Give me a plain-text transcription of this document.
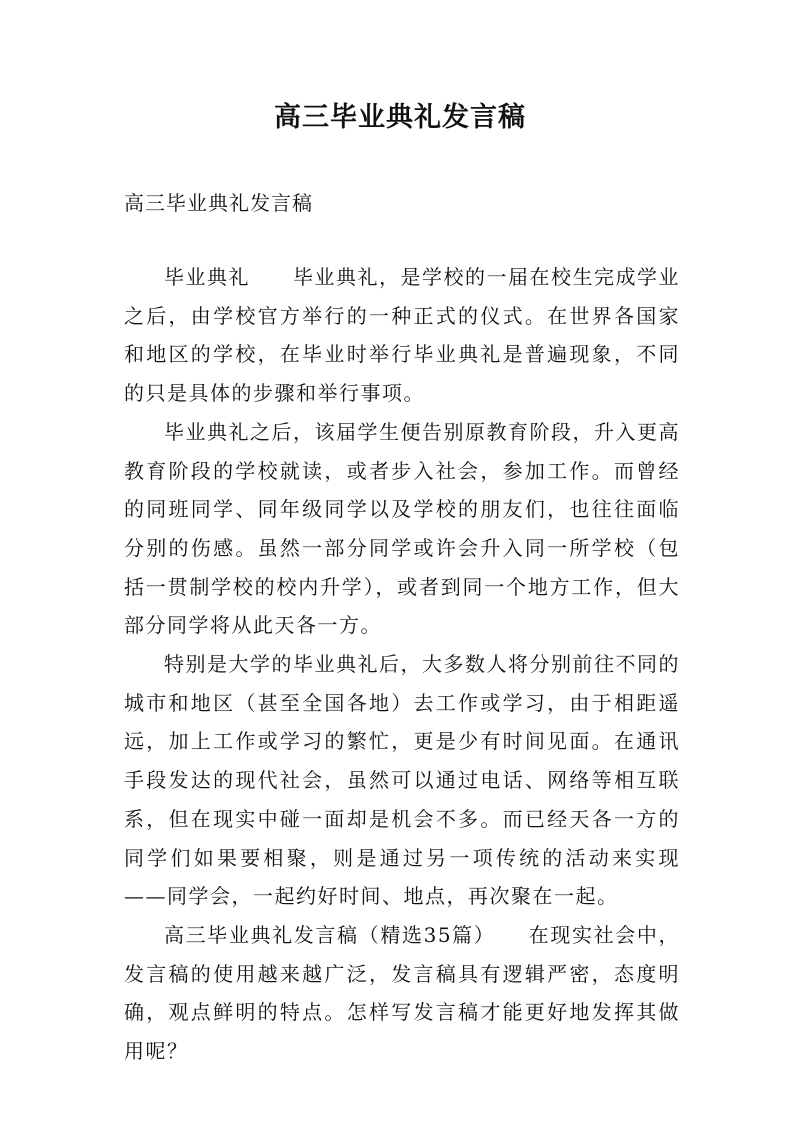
高三毕业典礼发言稿

高三毕业典礼发言稿

毕业典礼　　毕业典礼，是学校的一届在校生完成学业之后，由学校官方举行的一种正式的仪式。在世界各国家和地区的学校，在毕业时举行毕业典礼是普遍现象，不同的只是具体的步骤和举行事项。

毕业典礼之后，该届学生便告别原教育阶段，升入更高教育阶段的学校就读，或者步入社会，参加工作。而曾经的同班同学、同年级同学以及学校的朋友们，也往往面临分别的伤感。虽然一部分同学或许会升入同一所学校（包括一贯制学校的校内升学），或者到同一个地方工作，但大部分同学将从此天各一方。

特别是大学的毕业典礼后，大多数人将分别前往不同的城市和地区（甚至全国各地）去工作或学习，由于相距遥远，加上工作或学习的繁忙，更是少有时间见面。在通讯手段发达的现代社会，虽然可以通过电话、网络等相互联系，但在现实中碰一面却是机会不多。而已经天各一方的同学们如果要相聚，则是通过另一项传统的活动来实现——同学会，一起约好时间、地点，再次聚在一起。

高三毕业典礼发言稿（精选35篇）　　在现实社会中，发言稿的使用越来越广泛，发言稿具有逻辑严密，态度明确，观点鲜明的特点。怎样写发言稿才能更好地发挥其做用呢？
